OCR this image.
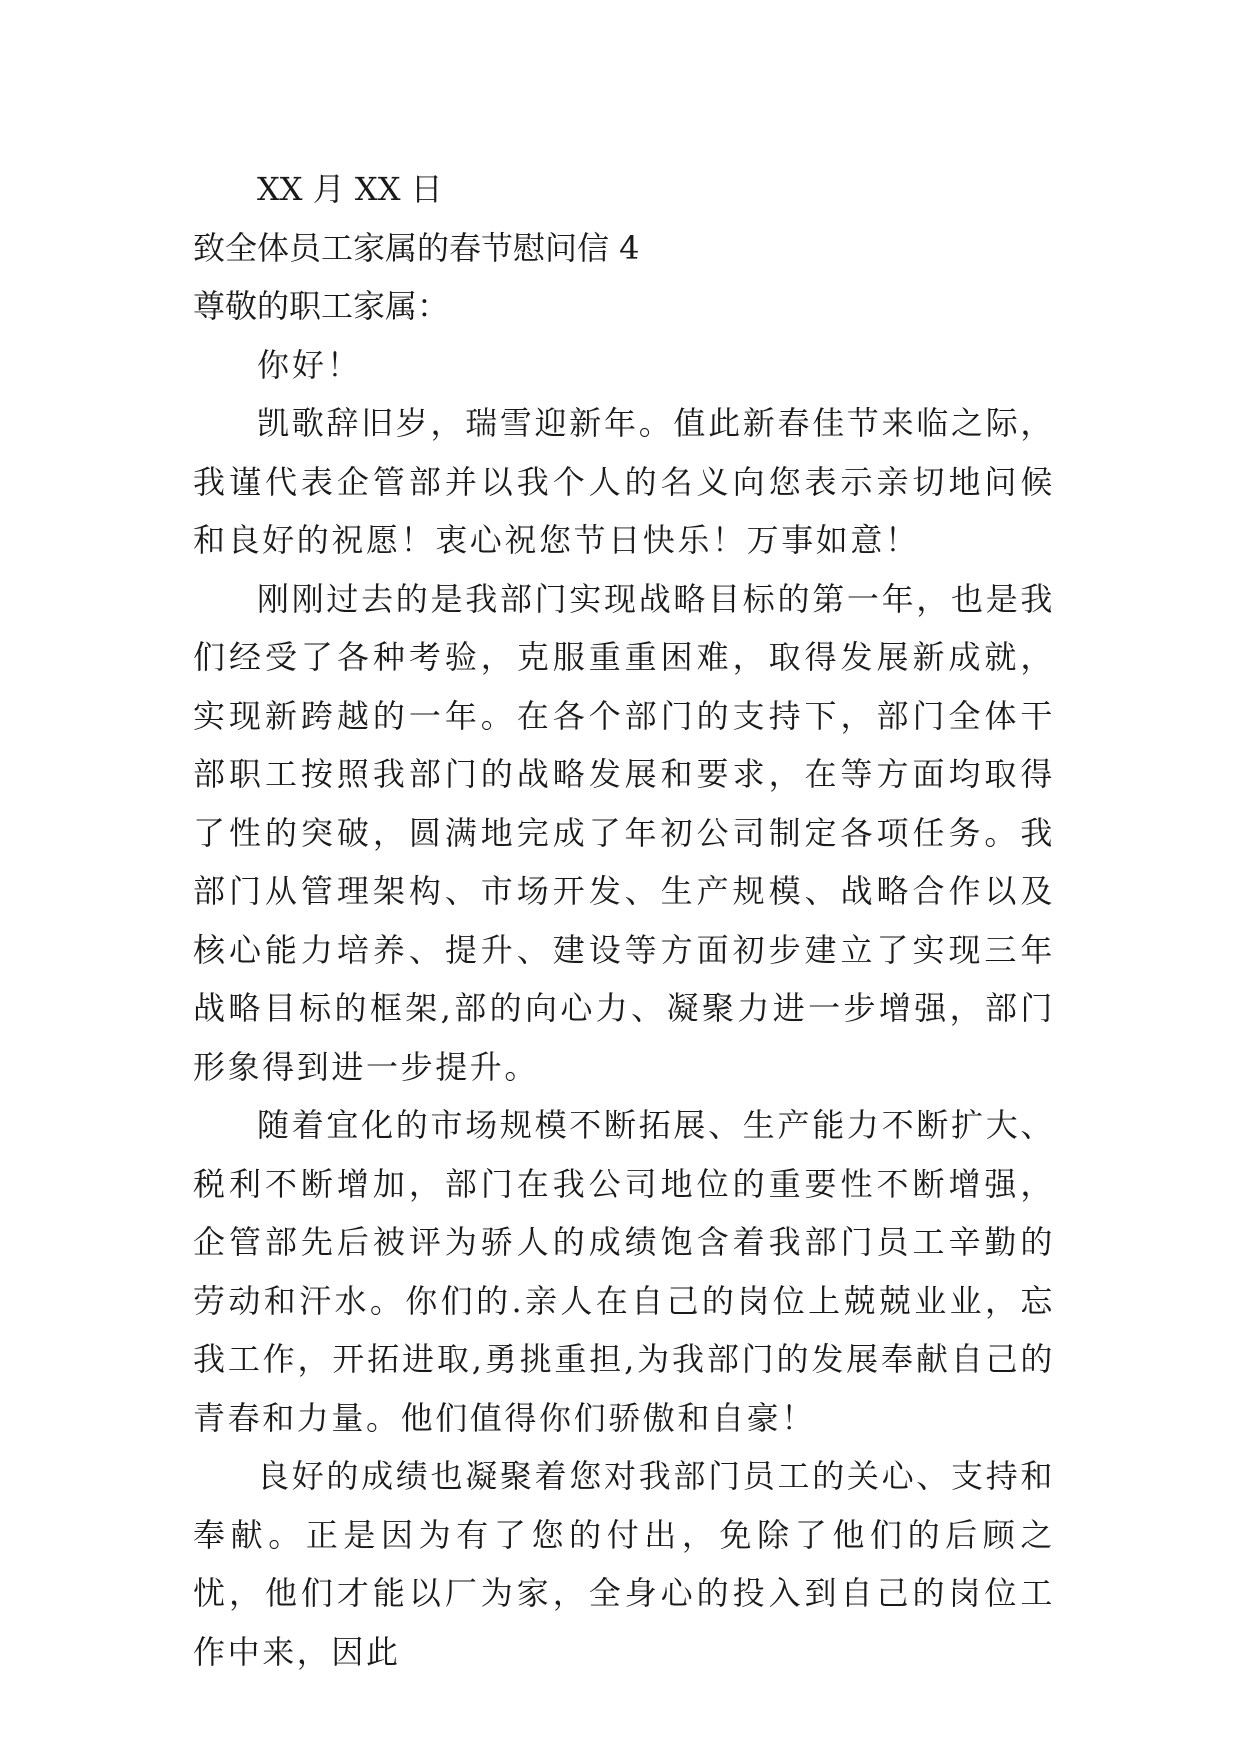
XX 月 XX 日

致全体员工家属的春节慰问信 4

尊敬的职工家属：

你好！

凯歌辞旧岁，瑞雪迎新年。值此新春佳节来临之际，我谨代表企管部并以我个人的名义向您表示亲切地问候和良好的祝愿！衷心祝您节日快乐！万事如意！

刚刚过去的是我部门实现战略目标的第一年，也是我们经受了各种考验，克服重重困难，取得发展新成就，实现新跨越的一年。在各个部门的支持下，部门全体干部职工按照我部门的战略发展和要求，在等方面均取得了性的突破，圆满地完成了年初公司制定各项任务。我部门从管理架构、市场开发、生产规模、战略合作以及核心能力培养、提升、建设等方面初步建立了实现三年战略目标的框架,部的向心力、凝聚力进一步增强，部门形象得到进一步提升。

随着宜化的市场规模不断拓展、生产能力不断扩大、税利不断增加，部门在我公司地位的重要性不断增强，企管部先后被评为骄人的成绩饱含着我部门员工辛勤的劳动和汗水。你们的.亲人在自己的岗位上兢兢业业，忘我工作，开拓进取,勇挑重担,为我部门的发展奉献自己的青春和力量。他们值得你们骄傲和自豪！

良好的成绩也凝聚着您对我部门员工的关心、支持和奉献。正是因为有了您的付出，免除了他们的后顾之忧，他们才能以厂为家，全身心的投入到自己的岗位工作中来，因此
